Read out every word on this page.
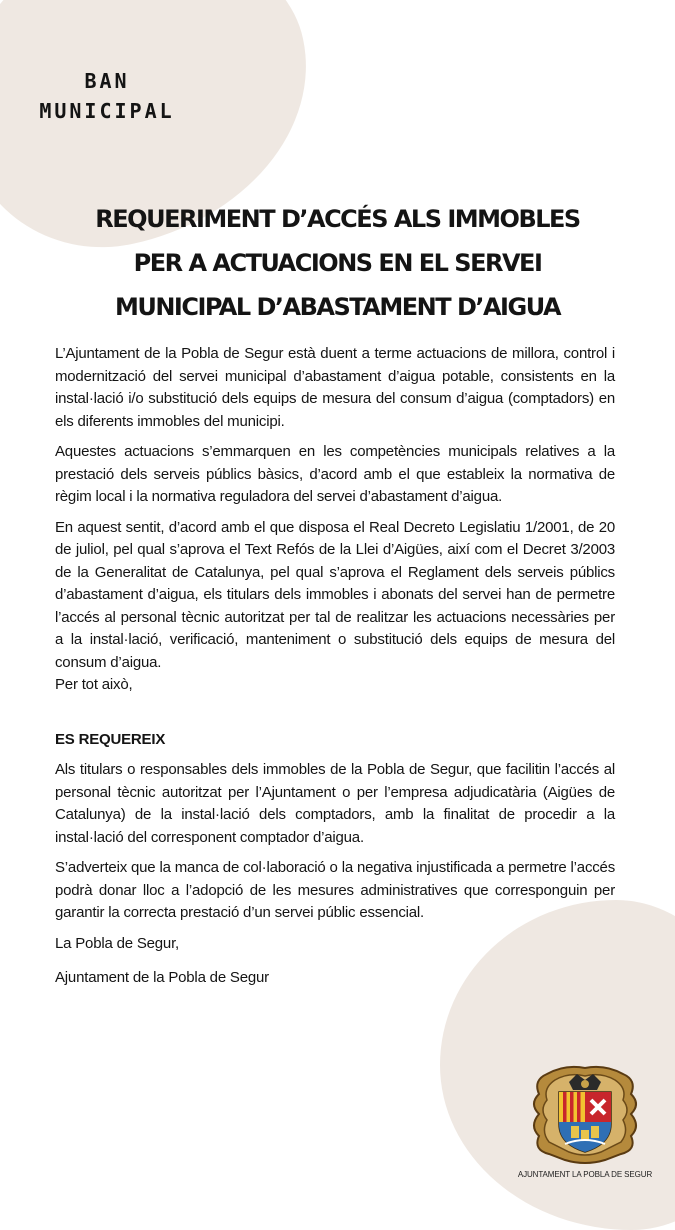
BAN
MUNICIPAL
REQUERIMENT D’ACCÉS ALS IMMOBLES
PER A ACTUACIONS EN EL SERVEI
MUNICIPAL D’ABASTAMENT D’AIGUA

L’Ajuntament de la Pobla de Segur està duent a terme actuacions de millora, control i modernització del servei municipal d’abastament d’aigua potable, consistents en la instal·lació i/o substitució dels equips de mesura del consum d’aigua (comptadors) en els diferents immobles del municipi.

Aquestes actuacions s’emmarquen en les competències municipals relatives a la prestació dels serveis públics bàsics, d’acord amb el que estableix la normativa de règim local i la normativa reguladora del servei d’abastament d’aigua.

En aquest sentit, d’acord amb el que disposa el Real Decreto Legislatiu 1/2001, de 20 de juliol, pel qual s’aprova el Text Refós de la Llei d’Aigües, així com el Decret 3/2003 de la Generalitat de Catalunya, pel qual s’aprova el Reglament dels serveis públics d’abastament d’aigua, els titulars dels immobles i abonats del servei han de permetre l’accés al personal tècnic autoritzat per tal de realitzar les actuacions necessàries per a la instal·lació, verificació, manteniment o substitució dels equips de mesura del consum d’aigua.

Per tot això,

ES REQUEREIX

Als titulars o responsables dels immobles de la Pobla de Segur, que facilitin l’accés al personal tècnic autoritzat per l’Ajuntament o per l’empresa adjudicatària (Aigües de Catalunya) de la instal·lació dels comptadors, amb la finalitat de procedir a la instal·lació del corresponent comptador d’aigua.

S’adverteix que la manca de col·laboració o la negativa injustificada a permetre l’accés podrà donar lloc a l’adopció de les mesures administratives que corresponguin per garantir la correcta prestació d’un servei públic essencial.

La Pobla de Segur,

Ajuntament de la Pobla de Segur

AJUNTAMENT LA POBLA DE SEGUR
